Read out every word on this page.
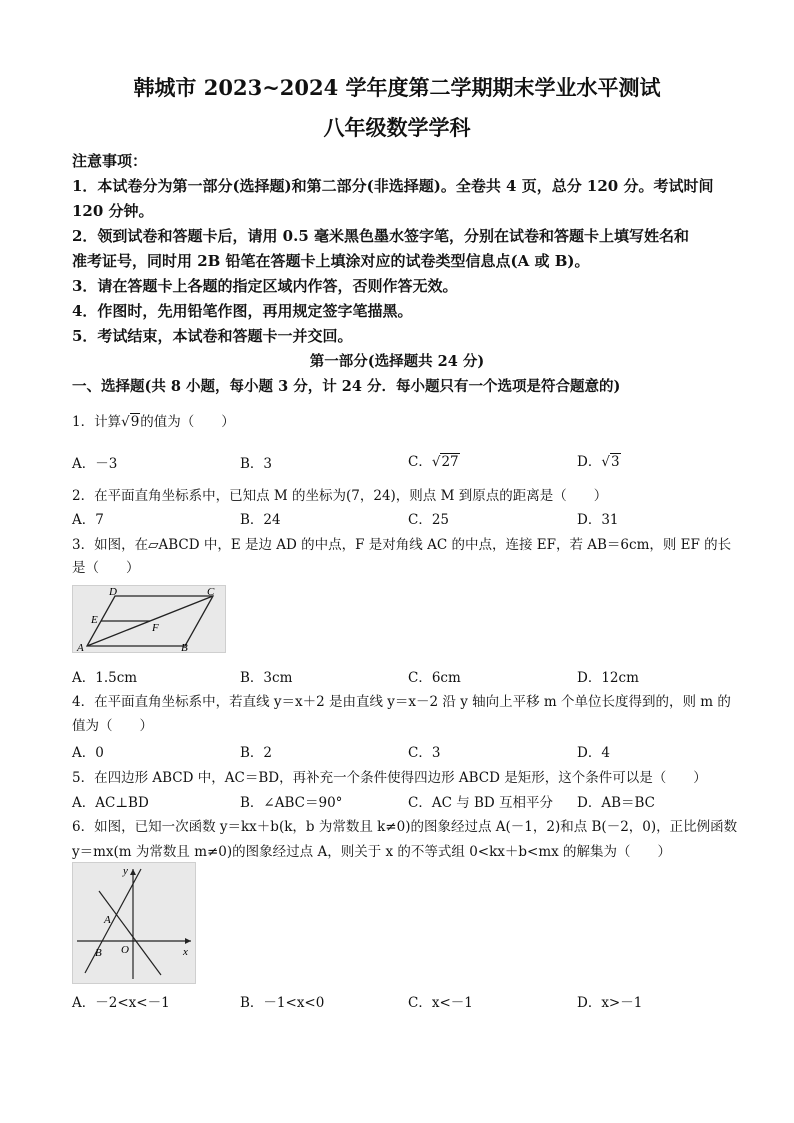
韩城市 2023~2024 学年度第二学期期末学业水平测试
八年级数学学科
注意事项：
1．本试卷分为第一部分(选择题)和第二部分(非选择题)。全卷共 4 页，总分 120 分。考试时间
120 分钟。
2．领到试卷和答题卡后，请用 0.5 毫米黑色墨水签字笔，分别在试卷和答题卡上填写姓名和
准考证号，同时用 2B 铅笔在答题卡上填涂对应的试卷类型信息点(A 或 B)。
3．请在答题卡上各题的指定区域内作答，否则作答无效。
4．作图时，先用铅笔作图，再用规定签字笔描黑。
5．考试结束，本试卷和答题卡一并交回。
第一部分(选择题共 24 分)
一、选择题(共 8 小题，每小题 3 分，计 24 分．每小题只有一个选项是符合题意的)
1．计算√9的值为（　　）
A．－3	B．3	C．√27	D．√3
2．在平面直角坐标系中，已知点 M 的坐标为(7，24)，则点 M 到原点的距离是（　　）
A．7	B．24	C．25	D．31
3．如图，在▱ABCD 中，E 是边 AD 的中点，F 是对角线 AC 的中点，连接 EF，若 AB＝6cm，则 EF 的长
是（　　）
D	C
E
F
A	B
A．1.5cm	B．3cm	C．6cm	D．12cm
4．在平面直角坐标系中，若直线 y＝x＋2 是由直线 y＝x－2 沿 y 轴向上平移 m 个单位长度得到的，则 m 的
值为（　　）
A．0	B．2	C．3	D．4
5．在四边形 ABCD 中，AC＝BD，再补充一个条件使得四边形 ABCD 是矩形，这个条件可以是（　　）
A．AC⊥BD	B．∠ABC＝90°	C．AC 与 BD 互相平分 D．AB＝BC
6．如图，已知一次函数 y＝kx＋b(k，b 为常数且 k≠0)的图象经过点 A(－1，2)和点 B(－2，0)，正比例函数
y＝mx(m 为常数且 m≠0)的图象经过点 A，则关于 x 的不等式组 0<kx＋b<mx 的解集为（　　）
y
x
A
B O
A．－2<x<－1	B．－1<x<0	C．x<－1	D．x>－1
